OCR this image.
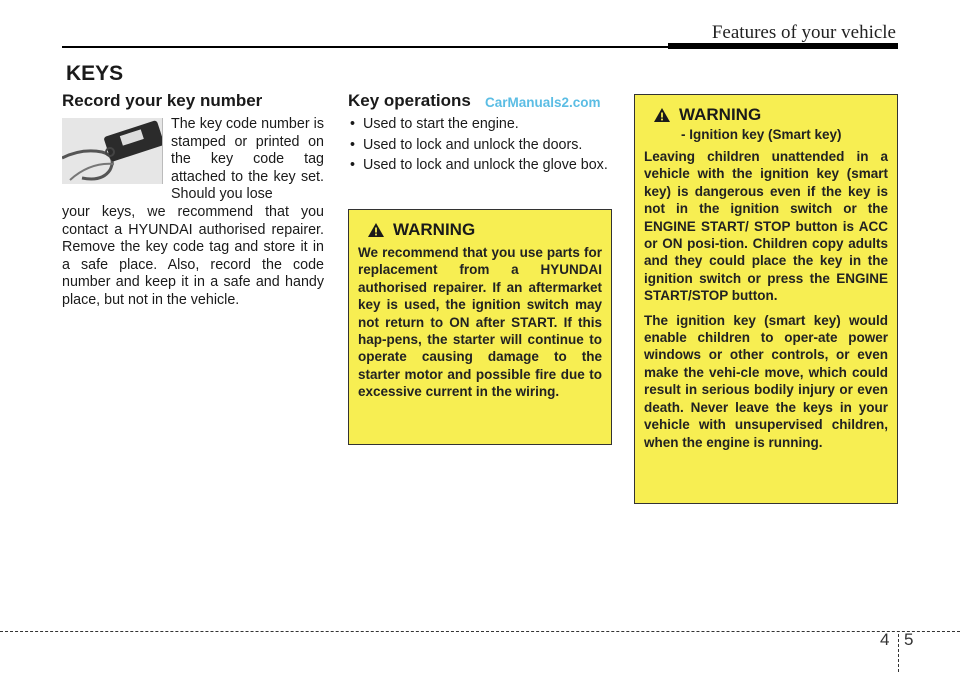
Features of your vehicle
KEYS
Record your key number
The key code number is stamped or printed on the key code tag attached to the key set. Should you lose
your keys, we recommend that you contact a HYUNDAI authorised repairer. Remove the key code tag and store it in a safe place. Also, record the code number and keep it in a safe and handy place, but not in the vehicle.
Key operations CarManuals2.com
• Used to start the engine.
• Used to lock and unlock the doors.
• Used to lock and unlock the glove box.
WARNING
We recommend that you use parts for replacement from a HYUNDAI authorised repairer. If an aftermarket key is used, the ignition switch may not return to ON after START. If this hap-pens, the starter will continue to operate causing damage to the starter motor and possible fire due to excessive current in the wiring.
WARNING
- Ignition key (Smart key)
Leaving children unattended in a vehicle with the ignition key (smart key) is dangerous even if the key is not in the ignition switch or the ENGINE START/ STOP button is ACC or ON posi-tion. Children copy adults and they could place the key in the ignition switch or press the ENGINE START/STOP button.
The ignition key (smart key) would enable children to oper-ate power windows or other controls, or even make the vehi-cle move, which could result in serious bodily injury or even death. Never leave the keys in your vehicle with unsupervised children, when the engine is running.
4 5
